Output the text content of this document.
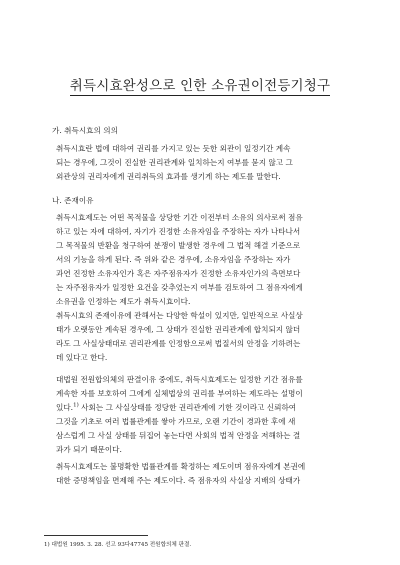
취득시효완성으로 인한 소유권이전등기청구
가. 취득시효의 의의
취득시효란 법에 대하여 권리를 가지고 있는 듯한 외관이 일정기간 계속
되는 경우에, 그것이 진실한 권리관계와 일치하는지 여부를 묻지 않고 그
외관상의 권리자에게 권리취득의 효과를 생기게 하는 제도를 말한다.
나. 존재이유
취득시효제도는 어떤 목적물을 상당한 기간 이전부터 소유의 의사로써 점유
하고 있는 자에 대하여, 자기가 진정한 소유자임을 주장하는 자가 나타나서
그 목적물의 반환을 청구하여 분쟁이 발생한 경우에 그 법적 해결 기준으로
서의 기능을 하게 된다. 즉 위와 같은 경우에, 소유자임을 주장하는 자가
과연 진정한 소유자인가 혹은 자주점유자가 진정한 소유자인가의 측면보다
는 자주점유자가 일정한 요건을 갖추었는지 여부를 검토하여 그 점유자에게
소유권을 인정하는 제도가 취득시효이다.
취득시효의 존재이유에 관해서는 다양한 학설이 있지만, 일반적으로 사실상
태가 오랫동안 계속된 경우에, 그 상태가 진실한 권리관계에 합치되지 않더
라도 그 사실상태대로 권리관계를 인정함으로써 법질서의 안정을 기하려는
데 있다고 한다.
대법원 전원합의체의 판결이유 중에도, 취득시효제도는 일정한 기간 점유를
계속한 자를 보호하여 그에게 실체법상의 권리를 부여하는 제도라는 설명이
있다.$^{1)}$ 사회는 그 사실상태를 정당한 권리관계에 기한 것이라고 신뢰하여
그것을 기초로 여러 법률관계를 쌓아 가므로, 오랜 기간이 경과한 후에 새
삼스럽게 그 사실 상태를 뒤집어 놓는다면 사회의 법적 안정을 저해하는 결
과가 되기 때문이다.
취득시효제도는 불명확한 법률관계를 확정하는 제도이며 점유자에게 본권에
대한 증명책임을 면제해 주는 제도이다. 즉 점유자의 사실상 지배의 상태가
1) 대법원 1995. 3. 28. 선고 93다47745 전원합의체 판결.
